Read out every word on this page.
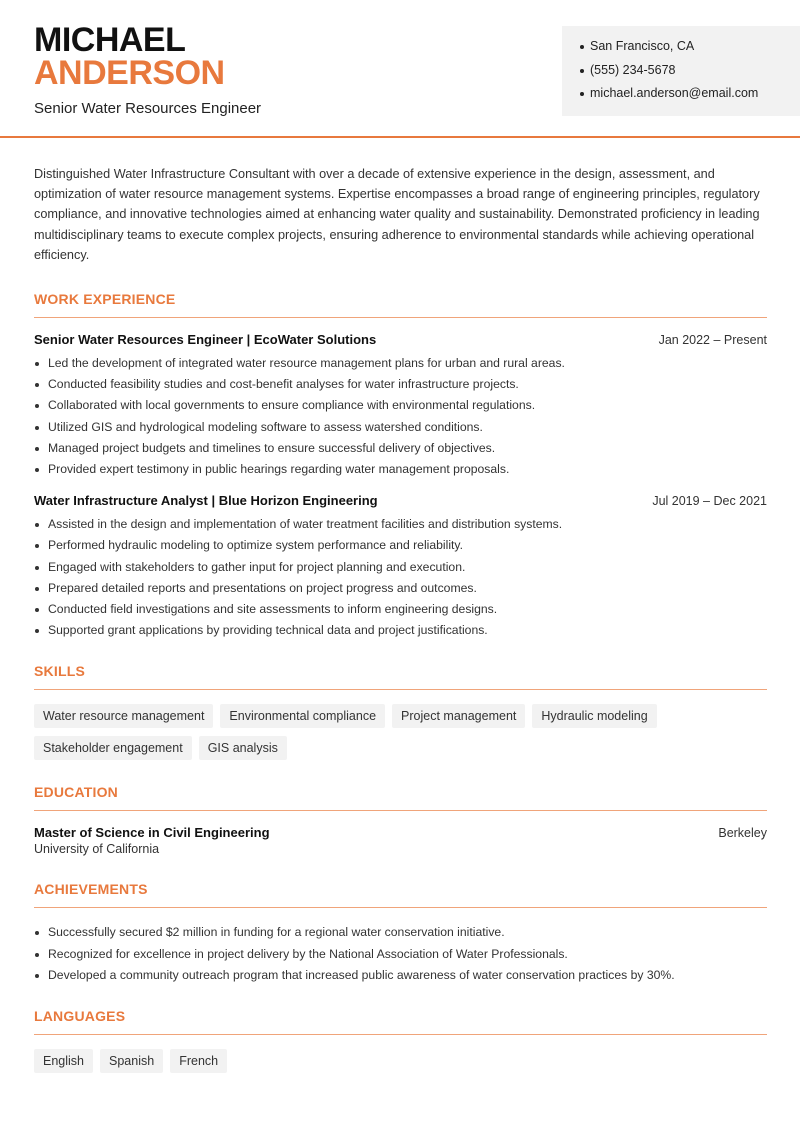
MICHAEL
ANDERSON
Senior Water Resources Engineer
San Francisco, CA
(555) 234-5678
michael.anderson@email.com

Distinguished Water Infrastructure Consultant with over a decade of extensive experience in the design, assessment, and optimization of water resource management systems. Expertise encompasses a broad range of engineering principles, regulatory compliance, and innovative technologies aimed at enhancing water quality and sustainability. Demonstrated proficiency in leading multidisciplinary teams to execute complex projects, ensuring adherence to environmental standards while achieving operational efficiency.

WORK EXPERIENCE
Senior Water Resources Engineer | EcoWater Solutions	Jan 2022 – Present
Led the development of integrated water resource management plans for urban and rural areas.
Conducted feasibility studies and cost-benefit analyses for water infrastructure projects.
Collaborated with local governments to ensure compliance with environmental regulations.
Utilized GIS and hydrological modeling software to assess watershed conditions.
Managed project budgets and timelines to ensure successful delivery of objectives.
Provided expert testimony in public hearings regarding water management proposals.
Water Infrastructure Analyst | Blue Horizon Engineering	Jul 2019 – Dec 2021
Assisted in the design and implementation of water treatment facilities and distribution systems.
Performed hydraulic modeling to optimize system performance and reliability.
Engaged with stakeholders to gather input for project planning and execution.
Prepared detailed reports and presentations on project progress and outcomes.
Conducted field investigations and site assessments to inform engineering designs.
Supported grant applications by providing technical data and project justifications.
SKILLS
Water resource management	Environmental compliance	Project management	Hydraulic modeling
Stakeholder engagement	GIS analysis
EDUCATION
Master of Science in Civil Engineering	Berkeley
University of California
ACHIEVEMENTS
Successfully secured $2 million in funding for a regional water conservation initiative.
Recognized for excellence in project delivery by the National Association of Water Professionals.
Developed a community outreach program that increased public awareness of water conservation practices by 30%.
LANGUAGES
English	Spanish	French
